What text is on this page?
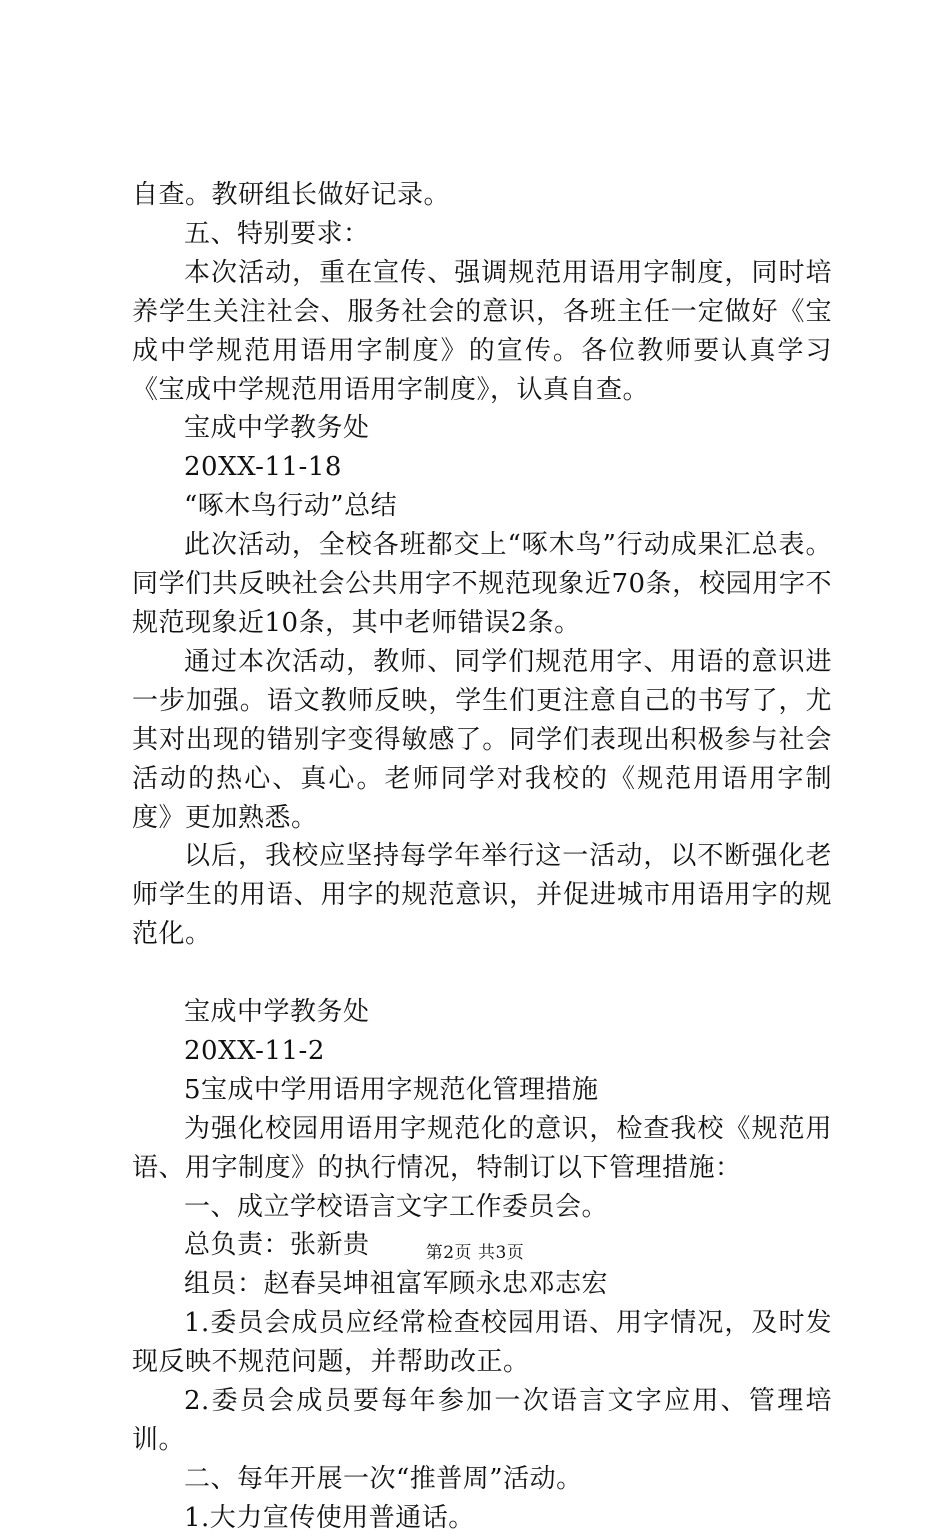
自查。教研组长做好记录。

五、特别要求：

本次活动，重在宣传、强调规范用语用字制度，同时培养学生关注社会、服务社会的意识，各班主任一定做好《宝成中学规范用语用字制度》的宣传。各位教师要认真学习《宝成中学规范用语用字制度》，认真自查。

宝成中学教务处

20XX-11-18

“啄木鸟行动”总结

此次活动，全校各班都交上“啄木鸟”行动成果汇总表。同学们共反映社会公共用字不规范现象近70条，校园用字不规范现象近10条，其中老师错误2条。

通过本次活动，教师、同学们规范用字、用语的意识进一步加强。语文教师反映，学生们更注意自己的书写了，尤其对出现的错别字变得敏感了。同学们表现出积极参与社会活动的热心、真心。老师同学对我校的《规范用语用字制度》更加熟悉。

以后，我校应坚持每学年举行这一活动，以不断强化老师学生的用语、用字的规范意识，并促进城市用语用字的规范化。

宝成中学教务处

20XX-11-2

5宝成中学用语用字规范化管理措施

为强化校园用语用字规范化的意识，检查我校《规范用语、用字制度》的执行情况，特制订以下管理措施：

一、成立学校语言文字工作委员会。

总负责：张新贵

组员：赵春吴坤祖富军顾永忠邓志宏

1.委员会成员应经常检查校园用语、用字情况，及时发现反映不规范问题，并帮助改正。

2.委员会成员要每年参加一次语言文字应用、管理培训。

二、每年开展一次“推普周”活动。

1.大力宣传使用普通话。

第2页 共3页
